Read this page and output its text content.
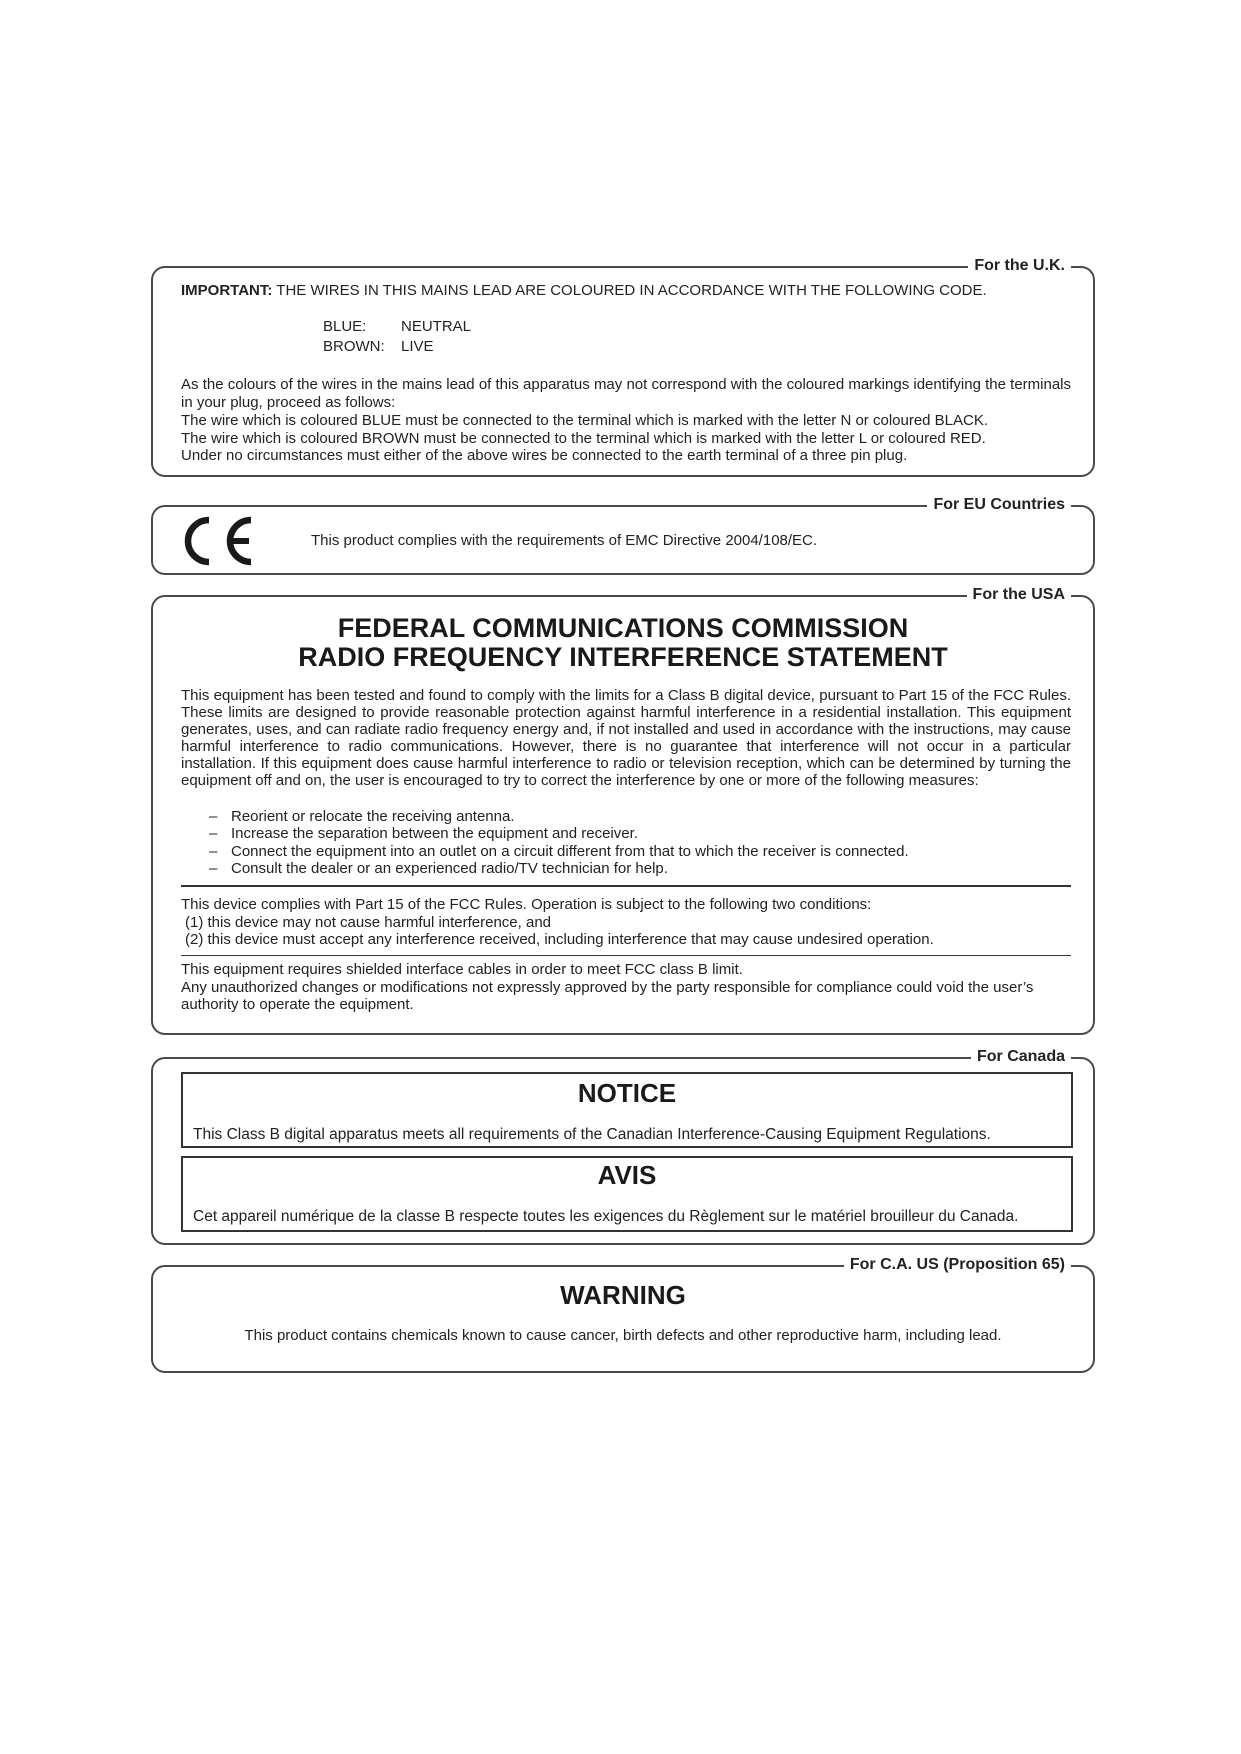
For the U.K.
IMPORTANT: THE WIRES IN THIS MAINS LEAD ARE COLOURED IN ACCORDANCE WITH THE FOLLOWING CODE.
BLUE: NEUTRAL
BROWN: LIVE
As the colours of the wires in the mains lead of this apparatus may not correspond with the coloured markings identifying the terminals in your plug, proceed as follows:
The wire which is coloured BLUE must be connected to the terminal which is marked with the letter N or coloured BLACK.
The wire which is coloured BROWN must be connected to the terminal which is marked with the letter L or coloured RED.
Under no circumstances must either of the above wires be connected to the earth terminal of a three pin plug.
For EU Countries
This product complies with the requirements of EMC Directive 2004/108/EC.
For the USA
FEDERAL COMMUNICATIONS COMMISSION
RADIO FREQUENCY INTERFERENCE STATEMENT
This equipment has been tested and found to comply with the limits for a Class B digital device, pursuant to Part 15 of the FCC Rules. These limits are designed to provide reasonable protection against harmful interference in a residential installation. This equipment generates, uses, and can radiate radio frequency energy and, if not installed and used in accordance with the instructions, may cause harmful interference to radio communications. However, there is no guarantee that interference will not occur in a particular installation. If this equipment does cause harmful interference to radio or television reception, which can be determined by turning the equipment off and on, the user is encouraged to try to correct the interference by one or more of the following measures:
– Reorient or relocate the receiving antenna.
– Increase the separation between the equipment and receiver.
– Connect the equipment into an outlet on a circuit different from that to which the receiver is connected.
– Consult the dealer or an experienced radio/TV technician for help.
This device complies with Part 15 of the FCC Rules. Operation is subject to the following two conditions:
(1) this device may not cause harmful interference, and
(2) this device must accept any interference received, including interference that may cause undesired operation.
This equipment requires shielded interface cables in order to meet FCC class B limit.
Any unauthorized changes or modifications not expressly approved by the party responsible for compliance could void the user’s authority to operate the equipment.
For Canada
NOTICE
This Class B digital apparatus meets all requirements of the Canadian Interference-Causing Equipment Regulations.
AVIS
Cet appareil numérique de la classe B respecte toutes les exigences du Règlement sur le matériel brouilleur du Canada.
For C.A. US (Proposition 65)
WARNING
This product contains chemicals known to cause cancer, birth defects and other reproductive harm, including lead.
